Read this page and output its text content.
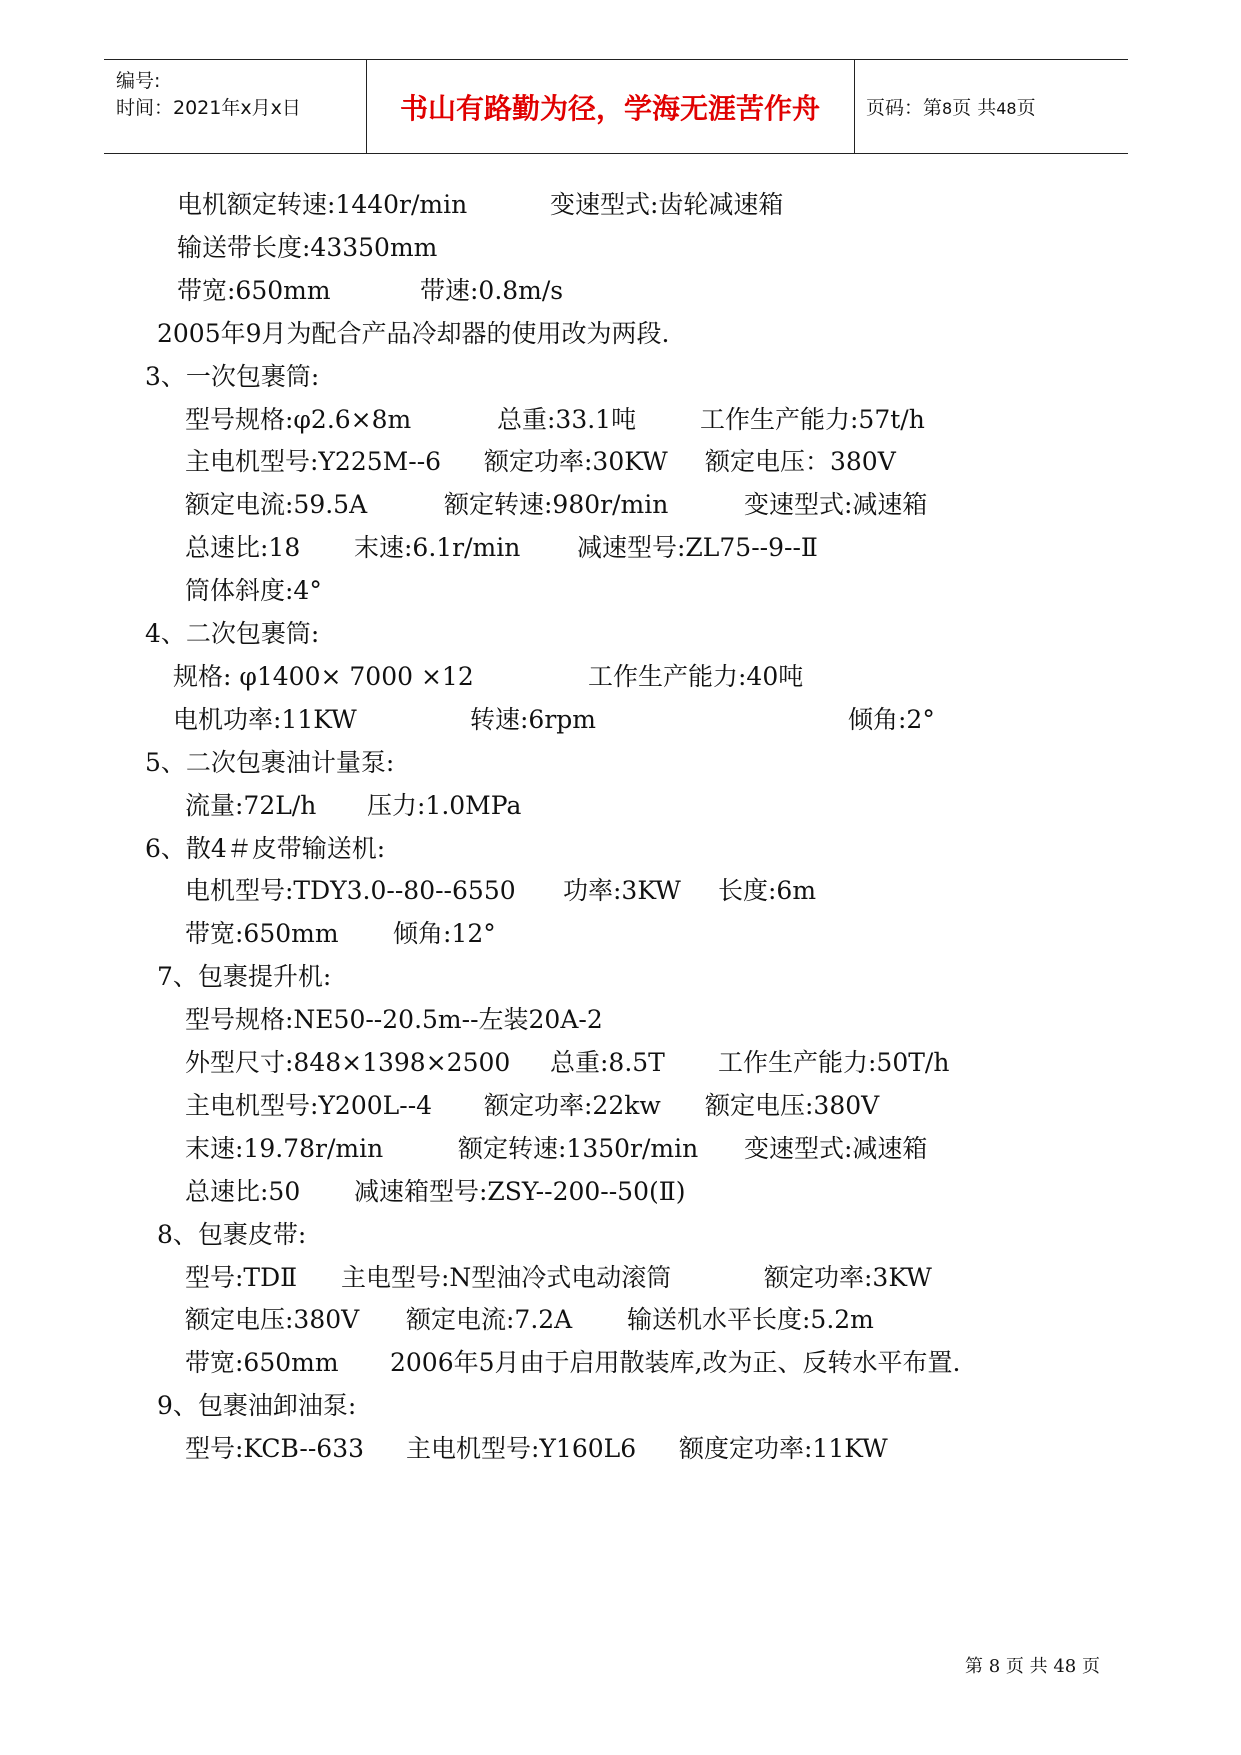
编号:
时间：2021年x月x日	书山有路勤为径，学海无涯苦作舟 页码：第8页 共48页
电机额定转速:1440r/min	变速型式:齿轮减速箱
输送带长度:43350mm
带宽:650mm	带速:0.8m/s
2005年9月为配合产品冷却器的使用改为两段.
3、一次包裹筒:
型号规格:φ2.6×8m	总重:33.1吨	工作生产能力:57t/h
主电机型号:Y225M--6 额定功率:30KW 额定电压：380V
额定电流:59.5A	额定转速:980r/min	变速型式:减速箱
总速比:18 末速:6.1r/min 减速型号:ZL75--9--Ⅱ
筒体斜度:4°
4、二次包裹筒:
规格: φ1400× 7000 ×12	工作生产能力:40吨
电机功率:11KW	转速:6rpm	倾角:2°
5、二次包裹油计量泵:
流量:72L/h 压力:1.0MPa
6、散4＃皮带输送机:
电机型号:TDY3.0--80--6550 功率:3KW 长度:6m
带宽:650mm 倾角:12°
7、包裹提升机:
型号规格:NE50--20.5m--左装20A-2
外型尺寸:848×1398×2500 总重:8.5T 工作生产能力:50T/h
主电机型号:Y200L--4 额定功率:22kw 额定电压:380V
末速:19.78r/min	额定转速:1350r/min 变速型式:减速箱
总速比:50 减速箱型号:ZSY--200--50(Ⅱ)
8、包裹皮带:
型号:TDⅡ 主电型号:N型油冷式电动滚筒	额定功率:3KW
额定电压:380V 额定电流:7.2A 输送机水平长度:5.2m
带宽:650mm 2006年5月由于启用散装库,改为正、反转水平布置.
9、包裹油卸油泵:
型号:KCB--633 主电机型号:Y160L6 额度定功率:11KW
第 8 页 共 48 页
